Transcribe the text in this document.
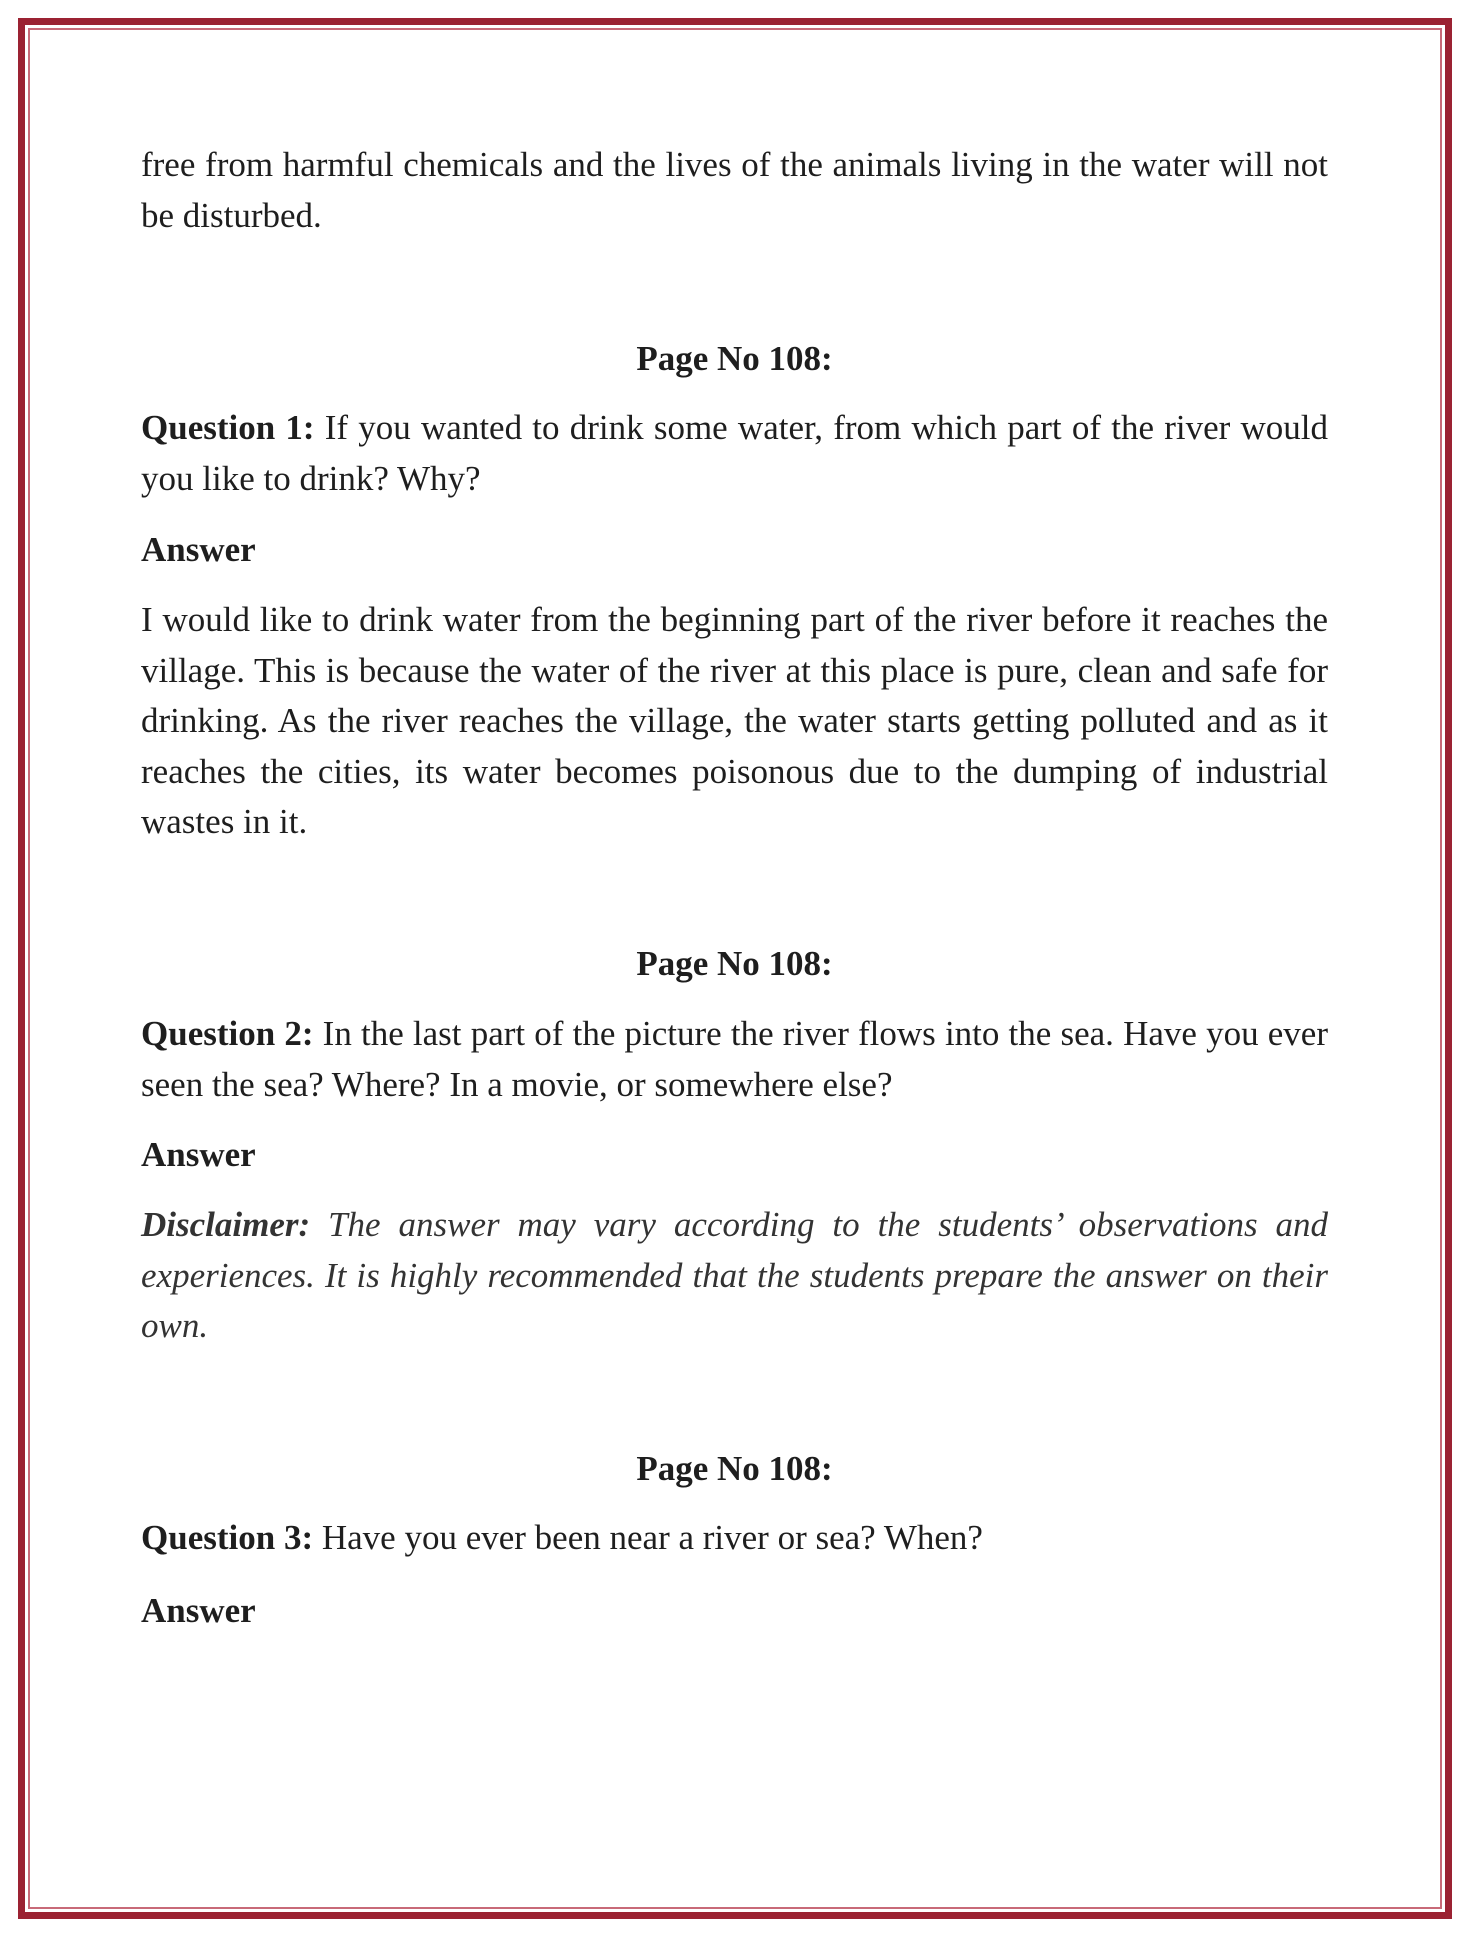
free from harmful chemicals and the lives of the animals living in the water will not be disturbed.

Page No 108:

Question 1: If you wanted to drink some water, from which part of the river would you like to drink? Why?

Answer

I would like to drink water from the beginning part of the river before it reaches the village. This is because the water of the river at this place is pure, clean and safe for drinking. As the river reaches the village, the water starts getting polluted and as it reaches the cities, its water becomes poisonous due to the dumping of industrial wastes in it.

Page No 108:

Question 2: In the last part of the picture the river flows into the sea. Have you ever seen the sea? Where? In a movie, or somewhere else?

Answer

Disclaimer: The answer may vary according to the students’ observations and experiences. It is highly recommended that the students prepare the answer on their own.

Page No 108:

Question 3: Have you ever been near a river or sea? When?

Answer
